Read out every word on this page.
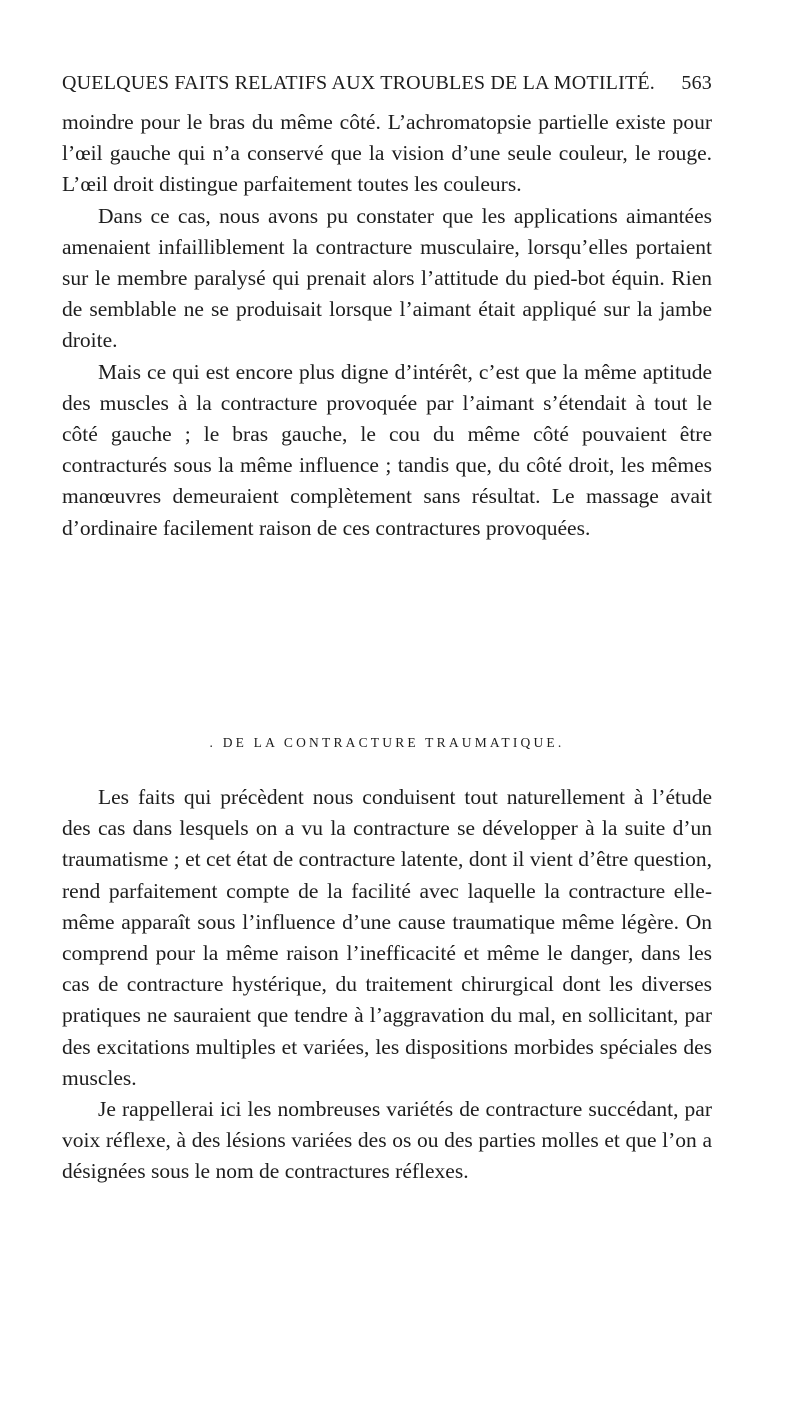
QUELQUES FAITS RELATIFS AUX TROUBLES DE LA MOTILITÉ. 563

moindre pour le bras du même côté. L’achromatopsie partielle existe pour l’œil gauche qui n’a conservé que la vision d’une seule couleur, le rouge. L’œil droit distingue parfaitement toutes les couleurs.

Dans ce cas, nous avons pu constater que les applications aimantées amenaient infailliblement la contracture musculaire, lorsqu’elles portaient sur le membre paralysé qui prenait alors l’attitude du pied-bot équin. Rien de semblable ne se produisait lorsque l’aimant était appliqué sur la jambe droite.

Mais ce qui est encore plus digne d’intérêt, c’est que la même aptitude des muscles à la contracture provoquée par l’aimant s’étendait à tout le côté gauche ; le bras gauche, le cou du même côté pouvaient être contracturés sous la même influence ; tandis que, du côté droit, les mêmes manœuvres demeuraient complètement sans résultat. Le massage avait d’ordinaire facilement raison de ces contractures provoquées.

. DE LA CONTRACTURE TRAUMATIQUE.

Les faits qui précèdent nous conduisent tout naturellement à l’étude des cas dans lesquels on a vu la contracture se développer à la suite d’un traumatisme ; et cet état de contracture latente, dont il vient d’être question, rend parfaitement compte de la facilité avec laquelle la contracture elle-même apparaît sous l’influence d’une cause traumatique même légère. On comprend pour la même raison l’inefficacité et même le danger, dans les cas de contracture hystérique, du traitement chirurgical dont les diverses pratiques ne sauraient que tendre à l’aggravation du mal, en sollicitant, par des excitations multiples et variées, les dispositions morbides spéciales des muscles.

Je rappellerai ici les nombreuses variétés de contracture succédant, par voix réflexe, à des lésions variées des os ou des parties molles et que l’on a désignées sous le nom de contractures réflexes.
